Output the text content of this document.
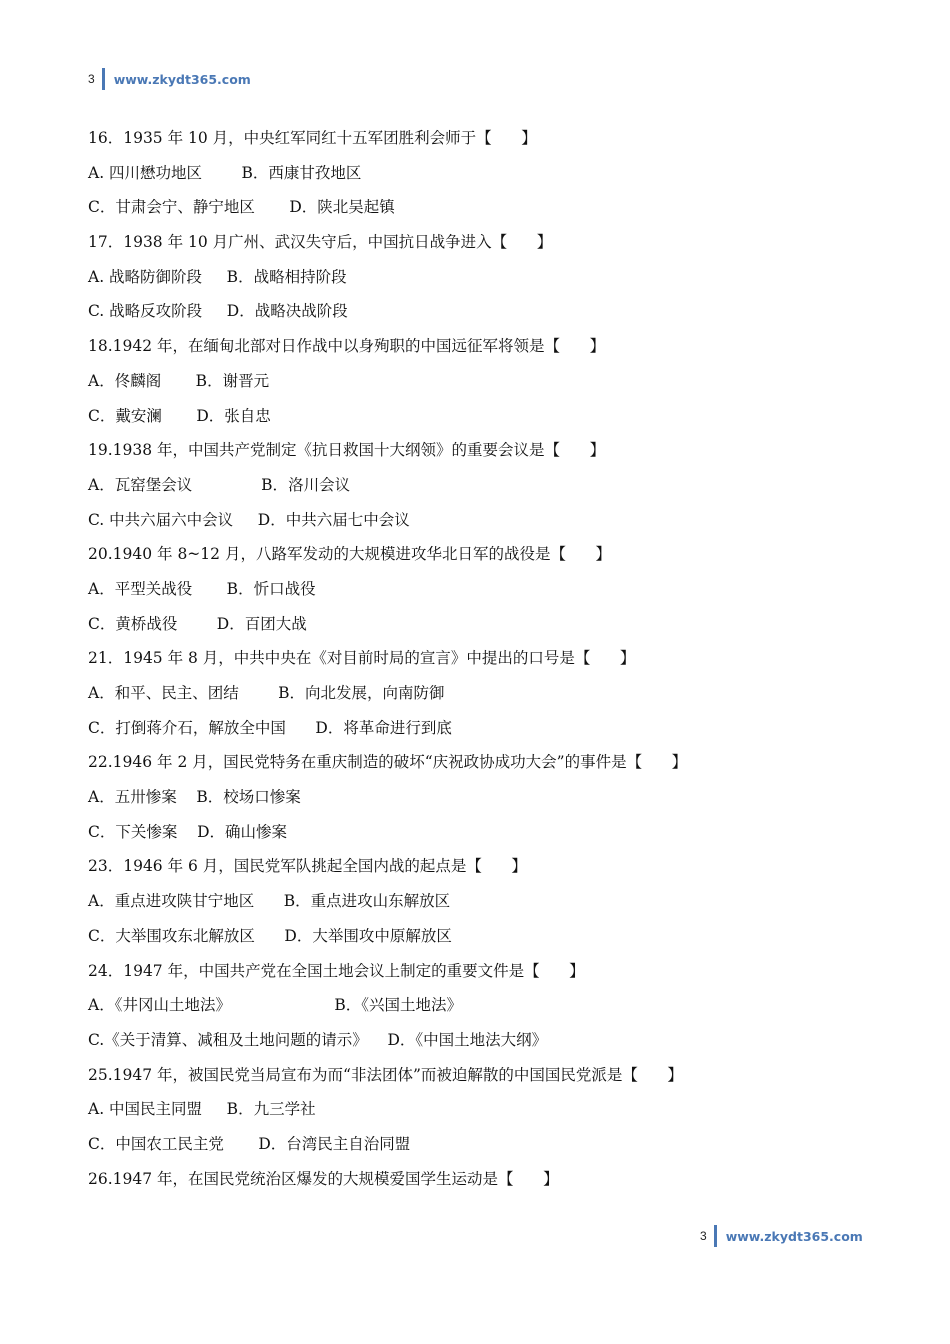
3 www.zkydt365.com
16．1935 年 10 月，中央红军同红十五军团胜利会师于【      】
A. 四川懋功地区        B．西康甘孜地区
C．甘肃会宁、静宁地区       D．陕北吴起镇
17．1938 年 10 月广州、武汉失守后，中国抗日战争进入【      】
A. 战略防御阶段     B．战略相持阶段
C. 战略反攻阶段     D．战略决战阶段
18.1942 年，在缅甸北部对日作战中以身殉职的中国远征军将领是【      】
A．佟麟阁       B．谢晋元
C．戴安澜       D．张自忠
19.1938 年，中国共产党制定《抗日救国十大纲领》的重要会议是【      】
A．瓦窑堡会议              B．洛川会议
C. 中共六届六中会议     D．中共六届七中会议
20.1940 年 8~12 月，八路军发动的大规模进攻华北日军的战役是【      】
A．平型关战役       B．忻口战役
C．黄桥战役        D．百团大战
21．1945 年 8 月，中共中央在《对目前时局的宣言》中提出的口号是【      】
A．和平、民主、团结        B．向北发展，向南防御
C．打倒蒋介石，解放全中国      D．将革命进行到底
22.1946 年 2 月，国民党特务在重庆制造的破坏“庆祝政协成功大会”的事件是【      】
A．五卅惨案    B．校场口惨案
C．下关惨案    D．确山惨案
23．1946 年 6 月，国民党军队挑起全国内战的起点是【      】
A．重点进攻陕甘宁地区      B．重点进攻山东解放区
C．大举围攻东北解放区      D．大举围攻中原解放区
24．1947 年，中国共产党在全国土地会议上制定的重要文件是【      】
A．《井冈山土地法》                     B．《兴国土地法》
C.《关于清算、减租及土地问题的请示》    D．《中国土地法大纲》
25.1947 年，被国民党当局宣布为而“非法团体”而被迫解散的中国国民党派是【      】
A. 中国民主同盟     B．九三学社
C．中国农工民主党       D．台湾民主自治同盟
26.1947 年，在国民党统治区爆发的大规模爱国学生运动是【      】
3 www.zkydt365.com
